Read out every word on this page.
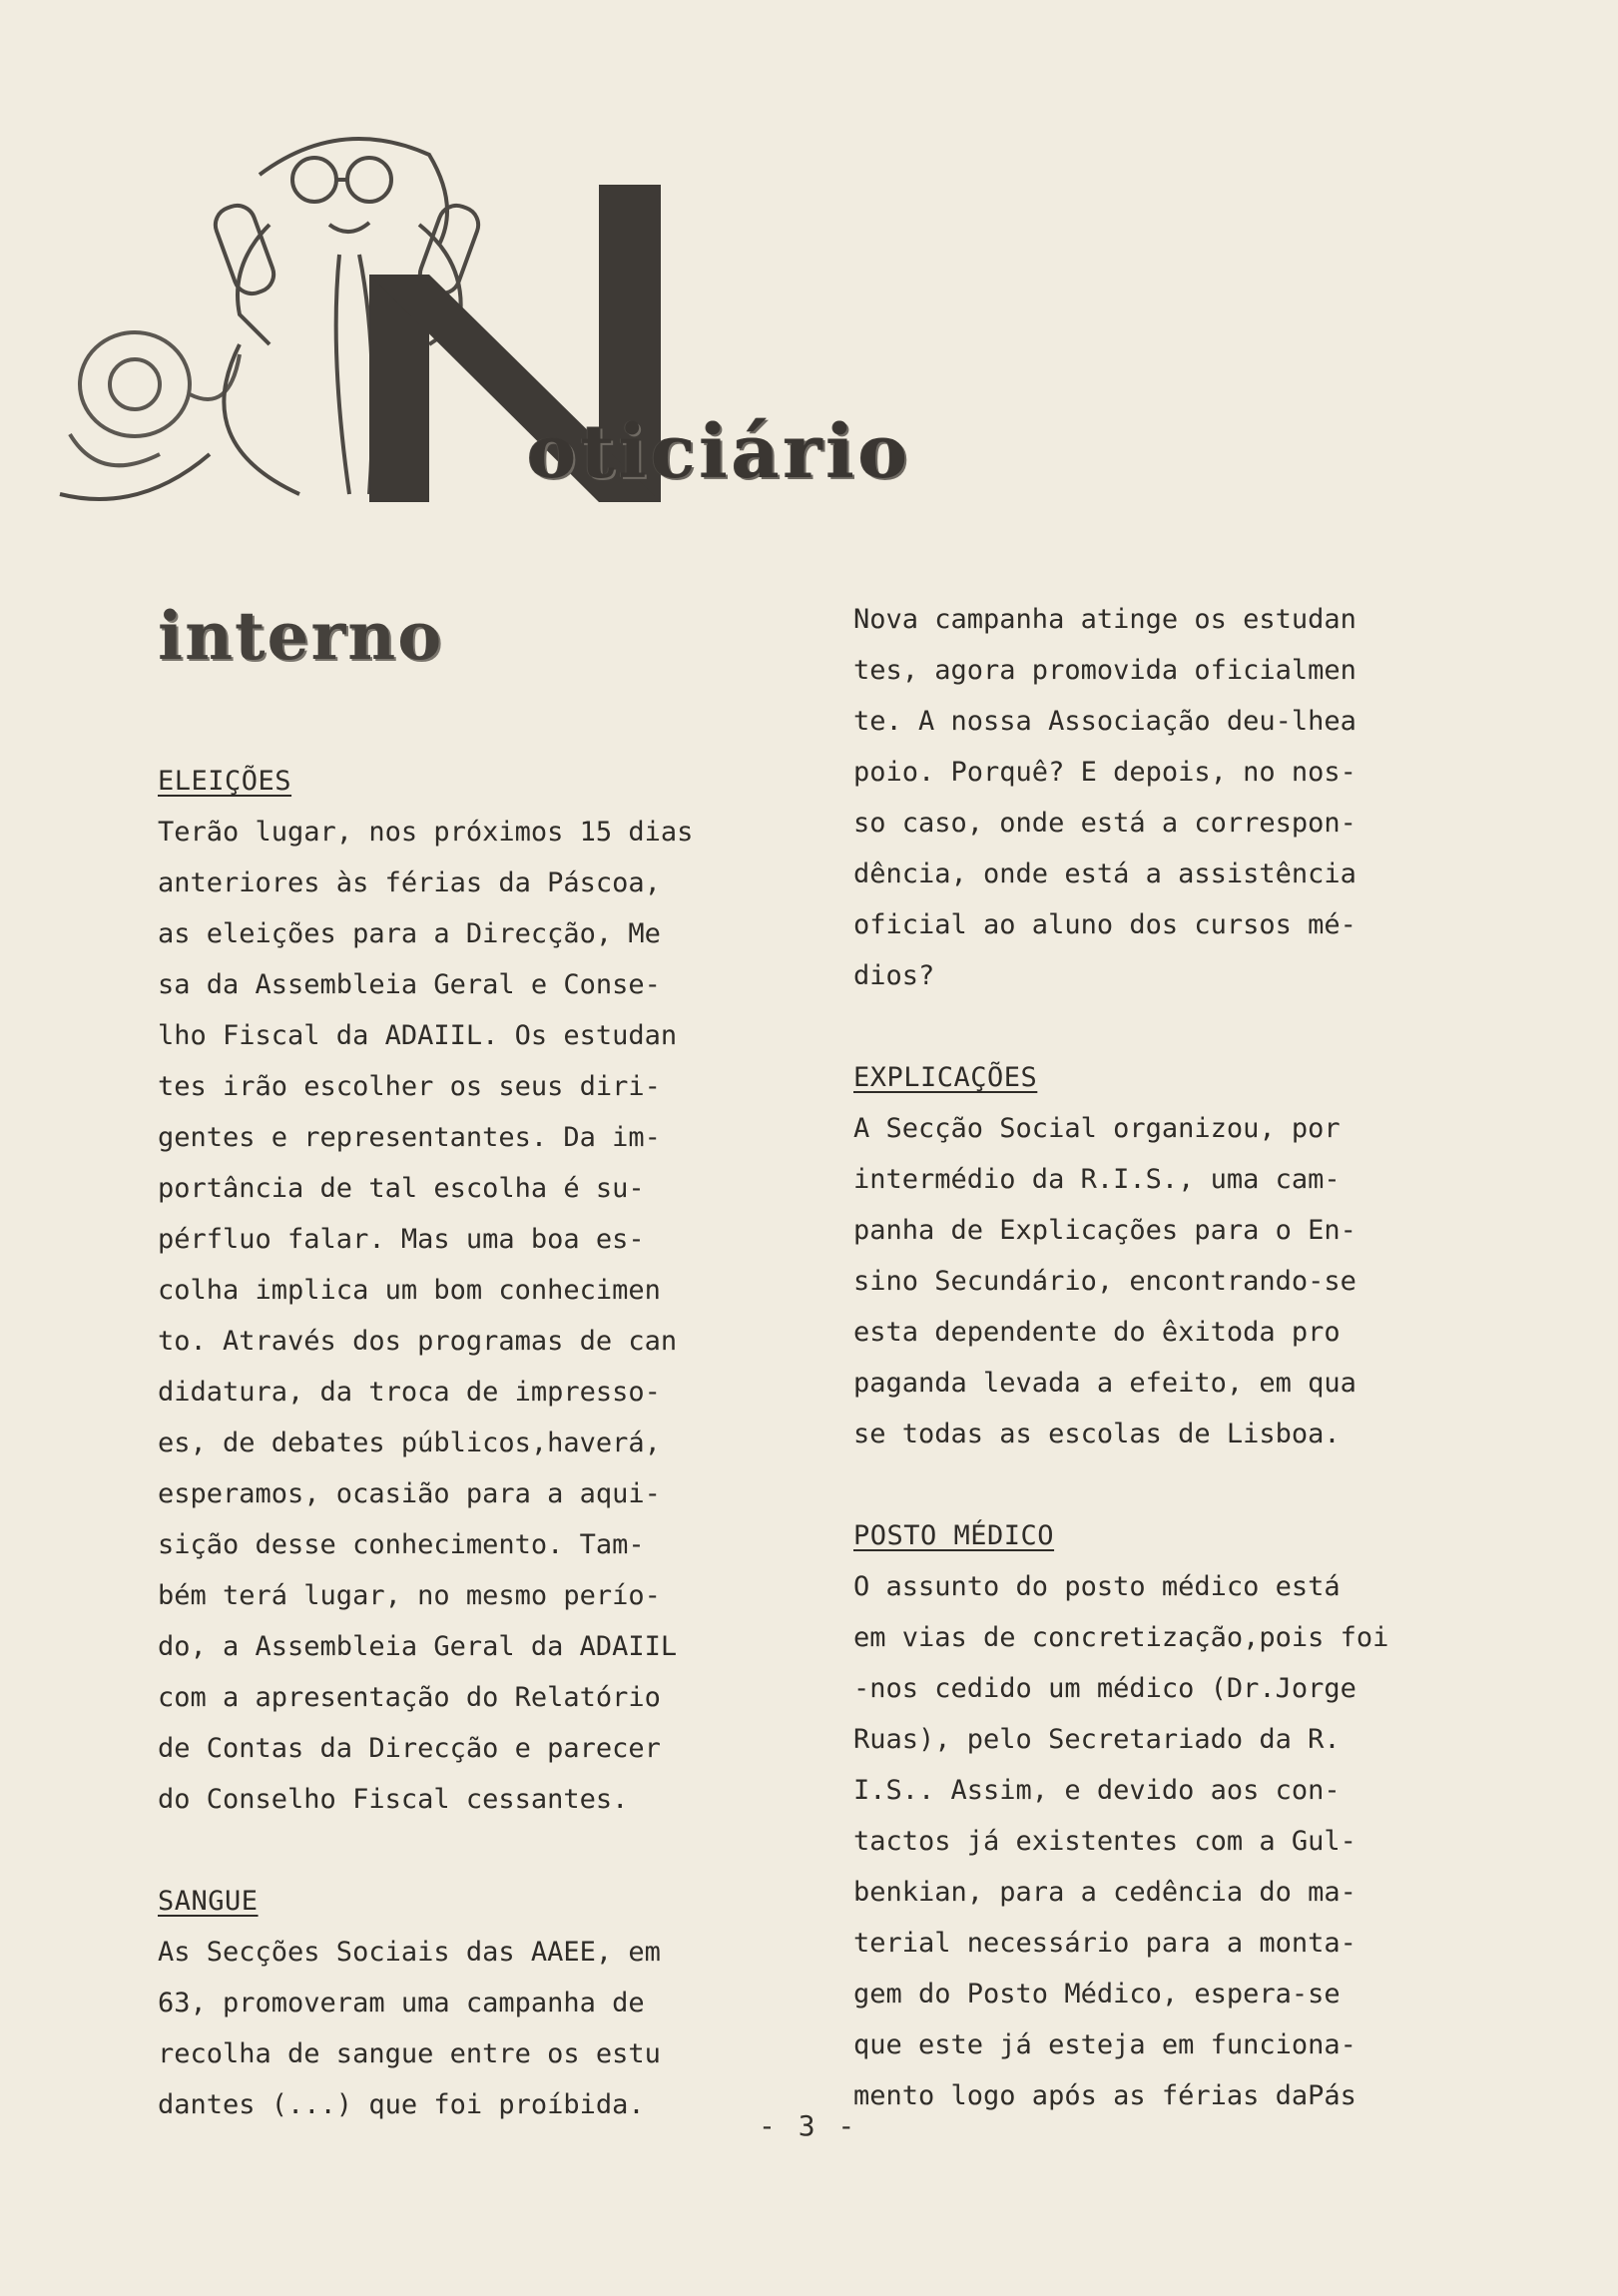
oticiário
interno
ELEIÇÕES
Terão lugar, nos próximos 15 dias
anteriores às férias da Páscoa,
as eleições para a Direcção, Me
sa da Assembleia Geral e Conse-
lho Fiscal da ADAIIL. Os estudan
tes irão escolher os seus diri-
gentes e representantes. Da im-
portância de tal escolha é su-
pérfluo falar. Mas uma boa es-
colha implica um bom conhecimen
to. Através dos programas de can
didatura, da troca de impresso-
es, de debates públicos,haverá,
esperamos, ocasião para a aqui-
sição desse conhecimento. Tam-
bém terá lugar, no mesmo perío-
do, a Assembleia Geral da ADAIIL
com a apresentação do Relatório
de Contas da Direcção e parecer
do Conselho Fiscal cessantes.
SANGUE
As Secções Sociais das AAEE, em
63, promoveram uma campanha de
recolha de sangue entre os estu
dantes (...) que foi proíbida.
Nova campanha atinge os estudan
tes, agora promovida oficialmen
te. A nossa Associação deu-lhea
poio. Porquê? E depois, no nos-
so caso, onde está a correspon-
dência, onde está a assistência
oficial ao aluno dos cursos mé-
dios?
EXPLICAÇÕES
A Secção Social organizou, por
intermédio da R.I.S., uma cam-
panha de Explicações para o En-
sino Secundário, encontrando-se
esta dependente do êxitoda pro
paganda levada a efeito, em qua
se todas as escolas de Lisboa.
POSTO MÉDICO
O assunto do posto médico está
em vias de concretização,pois foi
-nos cedido um médico (Dr.Jorge
Ruas), pelo Secretariado da R.
I.S.. Assim, e devido aos con-
tactos já existentes com a Gul-
benkian, para a cedência do ma-
terial necessário para a monta-
gem do Posto Médico, espera-se
que este já esteja em funciona-
mento logo após as férias daPás
- 3 -
